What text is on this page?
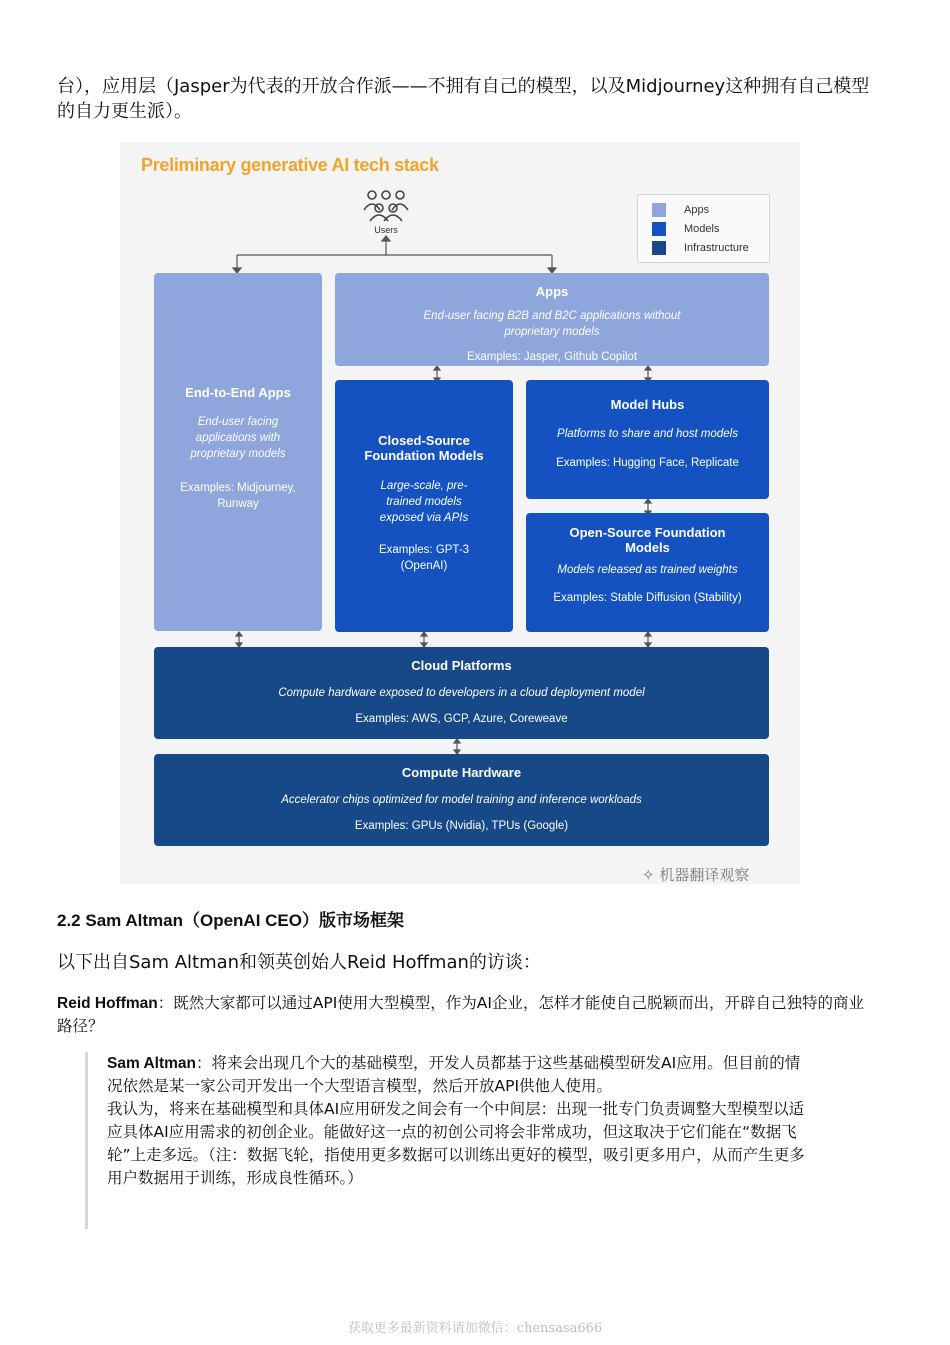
台），应用层（Jasper为代表的开放合作派——不拥有自己的模型，以及Midjourney这种拥有自己模型的自力更生派）。

Preliminary generative AI tech stack
Users
Apps
Models
Infrastructure
Apps
End-user facing B2B and B2C applications without proprietary models
Examples: Jasper, Github Copilot
End-to-End Apps
End-user facing applications with proprietary models
Examples: Midjourney, Runway
Closed-Source Foundation Models
Large-scale, pre-trained models exposed via APIs
Examples: GPT-3 (OpenAI)
Model Hubs
Platforms to share and host models
Examples: Hugging Face, Replicate
Open-Source Foundation Models
Models released as trained weights
Examples: Stable Diffusion (Stability)
Cloud Platforms
Compute hardware exposed to developers in a cloud deployment model
Examples: AWS, GCP, Azure, Coreweave
Compute Hardware
Accelerator chips optimized for model training and inference workloads
Examples: GPUs (Nvidia), TPUs (Google)
✧ 机器翻译观察
2.2 Sam Altman（OpenAI CEO）版市场框架

以下出自Sam Altman和领英创始人Reid Hoffman的访谈：

Reid Hoffman：既然大家都可以通过API使用大型模型，作为AI企业，怎样才能使自己脱颖而出，开辟自己独特的商业路径？

Sam Altman：将来会出现几个大的基础模型，开发人员都基于这些基础模型研发AI应用。但目前的情况依然是某一家公司开发出一个大型语言模型，然后开放API供他人使用。

我认为，将来在基础模型和具体AI应用研发之间会有一个中间层：出现一批专门负责调整大型模型以适应具体AI应用需求的初创企业。能做好这一点的初创公司将会非常成功，但这取决于它们能在“数据飞轮”上走多远。（注：数据飞轮，指使用更多数据可以训练出更好的模型，吸引更多用户，从而产生更多用户数据用于训练，形成良性循环。）

获取更多最新资料请加微信：chensasa666
